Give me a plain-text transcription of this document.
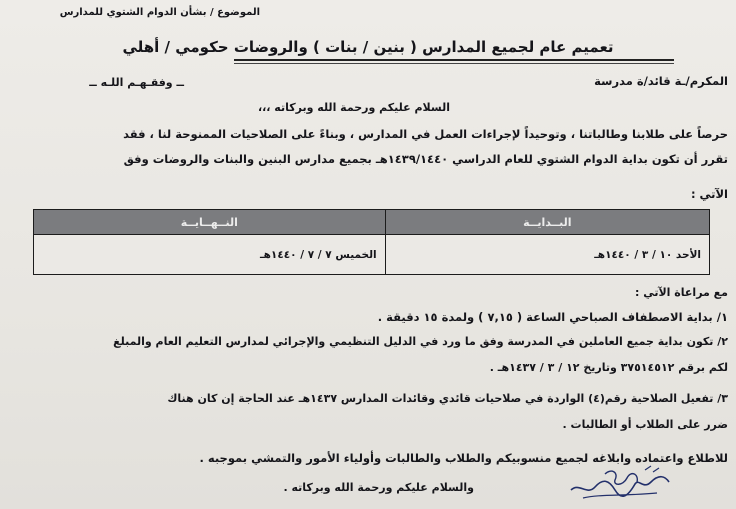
الموضوع / بشأن الدوام الشتوي للمدارس
تعميم عام لجميع المدارس ( بنين / بنات ) والروضات حكومي / أهلي
المكرم/ـة قائد/ة مدرسة
ــ وفقـهـم اللـه ــ
السلام عليكم ورحمة الله وبركاته ،،،
حرصاً على طلابنا وطالباتنا ، وتوحيداً لإجراءات العمل في المدارس ، وبناءً على الصلاحيات الممنوحة لنا ، فقد
تقرر أن تكون بداية الدوام الشتوي للعام الدراسي ١٤٣٩/١٤٤٠هـ بجميع مدارس البنين والبنات والروضات وفق
الآتي :
البــدايــة	النــهــايــة
الأحد ١٠ / ٣ / ١٤٤٠هـ	الخميس ٧ / ٧ / ١٤٤٠هـ
مع مراعاة الآتي :
١/ بداية الاصطفاف الصباحي الساعة ( ٧,١٥ ) ولمدة ١٥ دقيقة .
٢/ تكون بداية جميع العاملين في المدرسة وفق ما ورد في الدليل التنظيمي والإجرائي لمدارس التعليم العام والمبلغ
لكم برقم ٣٧٥١٤٥١٢ وتاريخ ١٢ / ٣ / ١٤٣٧هـ .
٣/ تفعيل الصلاحية رقم(٤) الواردة في صلاحيات قائدي وقائدات المدارس ١٤٣٧هـ عند الحاجة إن كان هناك
ضرر على الطلاب أو الطالبات .
للاطلاع واعتماده وابلاغه لجميع منسوبيكم والطلاب والطالبات وأولياء الأمور والتمشي بموجبه .
والسلام عليكم ورحمة الله وبركاته .
